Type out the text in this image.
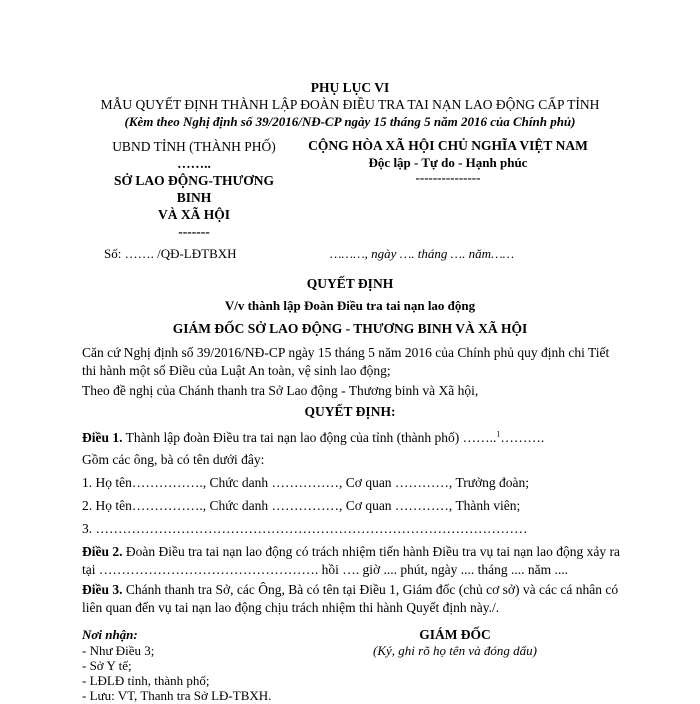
PHỤ LỤC VI
MẪU QUYẾT ĐỊNH THÀNH LẬP ĐOÀN ĐIỀU TRA TAI NẠN LAO ĐỘNG CẤP TỈNH
(Kèm theo Nghị định số 39/2016/NĐ-CP ngày 15 tháng 5 năm 2016 của Chính phủ)
UBND TỈNH (THÀNH PHỐ)
……..
SỞ LAO ĐỘNG-THƯƠNG
BINH
VÀ XÃ HỘI
-------
CỘNG HÒA XÃ HỘI CHỦ NGHĨA VIỆT NAM
Độc lập - Tự do - Hạnh phúc
---------------
Số: ……. /QĐ-LĐTBXH	………, ngày …. tháng …. năm……
QUYẾT ĐỊNH
V/v thành lập Đoàn Điều tra tai nạn lao động
GIÁM ĐỐC SỞ LAO ĐỘNG - THƯƠNG BINH VÀ XÃ HỘI
Căn cứ Nghị định số 39/2016/NĐ-CP ngày 15 tháng 5 năm 2016 của Chính phủ quy định chi Tiết thi hành một số Điều của Luật An toàn, vệ sinh lao động;
Theo đề nghị của Chánh thanh tra Sở Lao động - Thương binh và Xã hội,
QUYẾT ĐỊNH:
Điều 1. Thành lập đoàn Điều tra tai nạn lao động của tỉnh (thành phố) ……..$^1$……….
Gồm các ông, bà có tên dưới đây:
1. Họ tên……………., Chức danh ……………, Cơ quan …………, Trưởng đoàn;
2. Họ tên……………., Chức danh ……………, Cơ quan …………, Thành viên;
3. ……………………………………………………………………………………
Điều 2. Đoàn Điều tra tai nạn lao động có trách nhiệm tiến hành Điều tra vụ tai nạn lao động xảy ra tại …………………………………………. hồi …. giờ .... phút, ngày .... tháng .... năm ....
Điều 3. Chánh thanh tra Sở, các Ông, Bà có tên tại Điều 1, Giám đốc (chủ cơ sở) và các cá nhân có liên quan đến vụ tai nạn lao động chịu trách nhiệm thi hành Quyết định này./.
Nơi nhận:
- Như Điều 3;
- Sở Y tế;
- LĐLĐ tỉnh, thành phố;
- Lưu: VT, Thanh tra Sở LĐ-TBXH.
GIÁM ĐỐC
(Ký, ghi rõ họ tên và đóng dấu)
